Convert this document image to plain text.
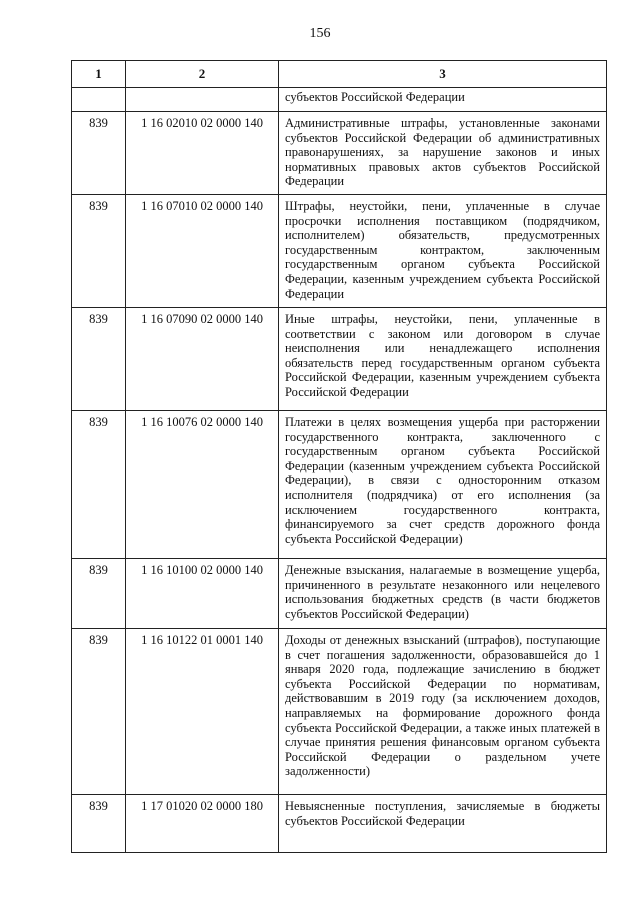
156
1	2	3
		субъектов Российской Федерации
839	1 16 02010 02 0000 140	Административные штрафы, установленные законами субъектов Российской Федерации об административных правонарушениях, за нарушение законов и иных нормативных правовых актов субъектов Российской Федерации
839	1 16 07010 02 0000 140	Штрафы, неустойки, пени, уплаченные в случае просрочки исполнения поставщиком (подрядчиком, исполнителем) обязательств, предусмотренных государственным контрактом, заключенным государственным органом субъекта Российской Федерации, казенным учреждением субъекта Российской Федерации
839	1 16 07090 02 0000 140	Иные штрафы, неустойки, пени, уплаченные в соответствии с законом или договором в случае неисполнения или ненадлежащего исполнения обязательств перед государственным органом субъекта Российской Федерации, казенным учреждением субъекта Российской Федерации
839	1 16 10076 02 0000 140	Платежи в целях возмещения ущерба при расторжении государственного контракта, заключенного с государственным органом субъекта Российской Федерации (казенным учреждением субъекта Российской Федерации), в связи с односторонним отказом исполнителя (подрядчика) от его исполнения (за исключением государственного контракта, финансируемого за счет средств дорожного фонда субъекта Российской Федерации)
839	1 16 10100 02 0000 140	Денежные взыскания, налагаемые в возмещение ущерба, причиненного в результате незаконного или нецелевого использования бюджетных средств (в части бюджетов субъектов Российской Федерации)
839	1 16 10122 01 0001 140	Доходы от денежных взысканий (штрафов), поступающие в счет погашения задолженности, образовавшейся до 1 января 2020 года, подлежащие зачислению в бюджет субъекта Российской Федерации по нормативам, действовавшим в 2019 году (за исключением доходов, направляемых на формирование дорожного фонда субъекта Российской Федерации, а также иных платежей в случае принятия решения финансовым органом субъекта Российской Федерации о раздельном учете задолженности)
839	1 17 01020 02 0000 180	Невыясненные поступления, зачисляемые в бюджеты субъектов Российской Федерации
